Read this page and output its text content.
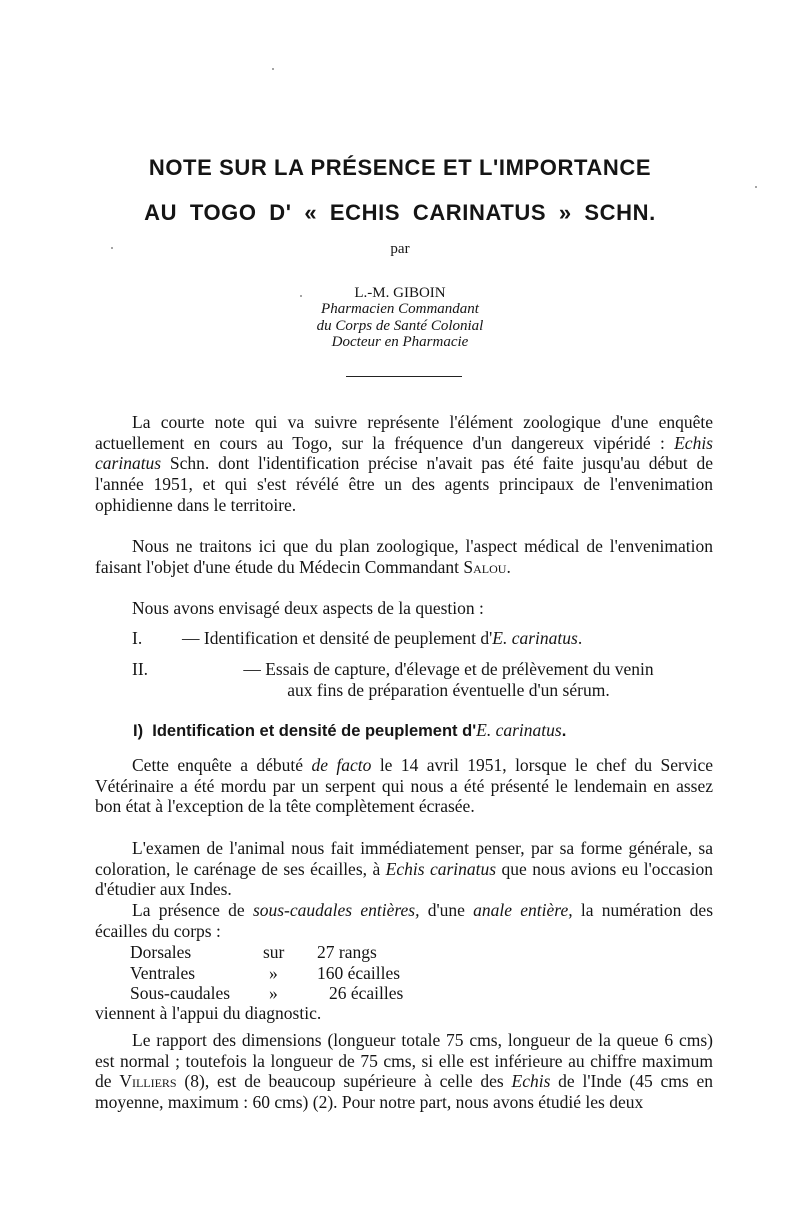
NOTE SUR LA PRÉSENCE ET L'IMPORTANCE
AU TOGO D' « ECHIS CARINATUS » SCHN.

par

L.-M. GIBOIN

Pharmacien Commandant

du Corps de Santé Colonial

Docteur en Pharmacie

La courte note qui va suivre représente l'élément zoologique d'une enquête actuellement en cours au Togo, sur la fréquence d'un dangereux vipéridé : Echis carinatus Schn. dont l'identification précise n'avait pas été faite jusqu'au début de l'année 1951, et qui s'est révélé être un des agents principaux de l'envenimation ophidienne dans le territoire.

Nous ne traitons ici que du plan zoologique, l'aspect médical de l'envenimation faisant l'objet d'une étude du Médecin Commandant Salou.

Nous avons envisagé deux aspects de la question :

I. — Identification et densité de peuplement d'E. carinatus.

II.	— Essais de capture, d'élevage et de prélèvement du venin
aux fins de préparation éventuelle d'un sérum.

I) Identification et densité de peuplement d'E. carinatus.

Cette enquête a débuté de facto le 14 avril 1951, lorsque le chef du Service Vétérinaire a été mordu par un serpent qui nous a été présenté le lendemain en assez bon état à l'exception de la tête complètement écrasée.

L'examen de l'animal nous fait immédiatement penser, par sa forme générale, sa coloration, le carénage de ses écailles, à Echis carinatus que nous avions eu l'occasion d'étudier aux Indes.

La présence de sous-caudales entières, d'une anale entière, la numération des écailles du corps :

Dorsales	sur	27 rangs
Ventrales	»	160 écailles
Sous-caudales	»	26 écailles

viennent à l'appui du diagnostic.

Le rapport des dimensions (longueur totale 75 cms, longueur de la queue 6 cms) est normal ; toutefois la longueur de 75 cms, si elle est inférieure au chiffre maximum de Villiers (8), est de beaucoup supérieure à celle des Echis de l'Inde (45 cms en moyenne, maximum : 60 cms) (2). Pour notre part, nous avons étudié les deux
